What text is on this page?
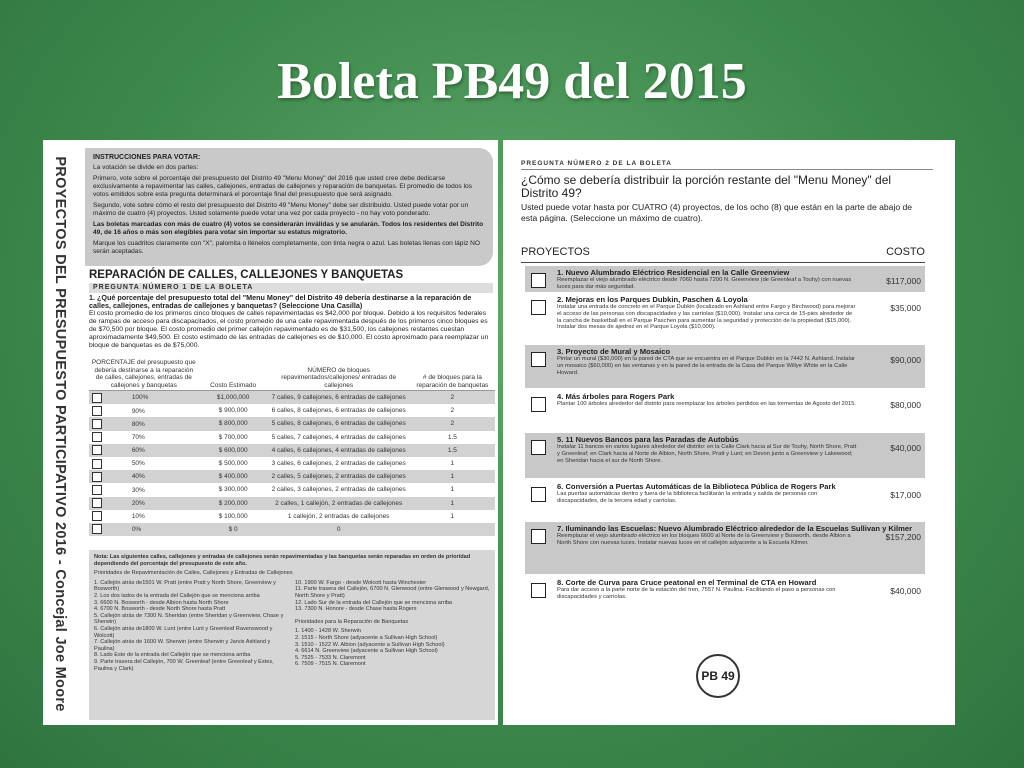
Boleta PB49 del 2015
PROYECTOS DEL PRESUPUESTO PARTICIPATIVO 2016 - Concejal Joe Moore	INSTRUCCIONES PARA VOTAR:

La votación se divide en dos partes:

Primero, vote sobre el porcentaje del presupuesto del Distrito 49 "Menu Money" del 2016 que usted cree debe dedicarse exclusivamente a repavimentar las calles, callejones, entradas de callejones y reparación de banquetas. El promedio de todos los votos emitidos sobre esta pregunta determinará el porcentaje final del presupuesto que será asignado.

Segundo, vote sobre cómo el resto del presupuesto del Distrito 49 "Menu Money" debe ser distribuido. Usted puede votar por un máximo de cuatro (4) proyectos. Usted solamente puede votar una vez por cada proyecto - no hay voto ponderado.

Las boletas marcadas con más de cuatro (4) votos se considerarán inválidas y se anularán. Todos los residentes del Distrito 49, de 16 años o más son elegibles para votar sin importar su estatus migratorio.

Marque los cuadritos claramente con "X", palomita o llénelos completamente, con tinta negra o azul. Las boletas llenas con lápiz NO serán aceptadas.

REPARACIÓN DE CALLES, CALLEJONES Y BANQUETAS
PREGUNTA NÚMERO 1 DE LA BOLETA
1. ¿Qué porcentaje del presupuesto total del "Menu Money" del Distrito 49 debería destinarse a la reparación de calles, callejones, entradas de callejones y banquetas? (Seleccione Una Casilla)
El costo promedio de los primeros cinco bloques de calles repavimentadas es $42,000 por bloque. Debido a los requisitos federales de rampas de acceso para discapacitados, el costo promedio de una calle repavimentada después de los primeros cinco bloques es de $70,500 por bloque. El costo promedio del primer callejón repavimentado es de $31,500, los callejones restantes cuestan aproximadamente $49,500. El costo estimado de las entradas de callejones es de $10,000. El costo aproximado para reemplazar un bloque de banquetas es de $75,000.
PORCENTAJE del presupuesto que debería destinarse a la reparación de calles, callejones, entradas de callejones y banquetas	Costo Estimado	NÚMERO de bloques repavimentados/callejones/ entradas de callejones	# de bloques para la reparación de banquetas
100%	$1,000,000	7 calles, 9 callejones, 6 entradas de callejones	2
90%	$ 900,000	6 calles, 8 callejones, 6 entradas de callejones	2
80%	$ 800,000	5 calles, 8 callejones, 6 entradas de callejones	2
70%	$ 700,000	5 calles, 7 callejones, 4 entradas de callejones	1.5
60%	$ 600,000	4 calles, 6 callejones, 4 entradas de callejones	1.5
50%	$ 500,000	3 calles, 6 callejones, 2 entradas de callejones	1
40%	$ 400,000	2 calles, 5 callejones, 2 entradas de callejones	1
30%	$ 300,000	2 calles, 3 callejones, 2 entradas de callejones	1
20%	$ 200,000	2 calles, 1 callejón, 2 entradas de callejones	1
10%	$ 100,000	1 callejón, 2 entradas de callejones	1
0%	$ 0	0	

Nota: Las siguientes calles, callejones y entradas de callejones serán repavimentadas y las banquetas serán reparadas en orden de prioridad dependiendo del porcentaje del presupuesto de este año.

Prioridades de Repavimentación de Calles, Callejones y Entradas de Callejones

1. Callejón atrás de1501 W. Pratt (entre Pratt y North Shore, Greenview y Bosworth)
2. Los dos lados de la entrada del Callejón que se menciona arriba
3. 6600 N. Bosworth - desde Albion hasta North Shore
4. 6700 N. Bosworth - desde North Shore hasta Pratt
5. Callejón atrás de 7300 N. Sheridan (entre Sheridan y Greenview, Chase y Sherwin)
6. Callejón atrás de1800 W. Lunt (entre Lunt y Greenleaf Ravenswood y Wolcott)
7. Callejón atrás de 1600 W. Sherwin (entre Sherwin y Jarvis Ashland y Paulina)
8. Lado Este de la entrada del Callejón que se menciona arriba
9. Parte trasera del Callejón, 700 W. Greenleaf (entre Greenleaf y Estes, Paulina y Clark)
10. 1900 W. Fargo - desde Wolcott hasta Winchester
11. Parte trasera del Callejón, 6700 N. Glenwood (entre Glenwood y Newgard, North Shore y Pratt)
12. Lado Sur de la entrada del Callejón que se menciona arriba
13. 7300 N. Honore - desde Chase hasta Rogers

Prioridades para la Reparación de Banquetas

1. 1400 - 1428 W. Sherwin
2. 1515 - North Shore (adyacente a Sullivan High School)
3. 1510 - 1522 W. Albion (adyacente a Sullivan High School)
4. 6614 N. Greenview (adyacente a Sullivan High School)
5. 7525 - 7533 N. Claremont
6. 7509 - 7515 N. Claremont
PREGUNTA NÚMERO 2 DE LA BOLETA
¿Cómo se debería distribuir la porción restante del "Menu Money" del Distrito 49?
Usted puede votar hasta por CUATRO (4) proyectos, de los ocho (8) que están en la parte de abajo de esta página. (Seleccione un máximo de cuatro).
PROYECTOS	COSTO
1. Nuevo Alumbrado Eléctrico Residencial en la Calle Greenview
Reemplazar el viejo alumbrado eléctrico desde 7060 hasta 7200 N. Greenview (de Greenleaf a Touhy) con nuevas luces para dar más seguridad.
$117,000
2. Mejoras en los Parques Dubkin, Paschen & Loyola
Instalar una entrada de concreto en el Parque Dubkin (localizado en Ashland entre Fargo y Birchwood) para mejorar el acceso de las personas con discapacidades y las carriolas ($10,000). Instalar una cerca de 15-pies alrededor de la cancha de basketball en el Parque Paschen para aumentar la seguridad y protección de la propiedad ($15,000). Instalar dos mesas de ajedrez en el Parque Loyola ($10,000).
$35,000
3. Proyecto de Mural y Mosaico
Pintar un mural ($30,000) en la pared de CTA que se encuentra en el Parque Dubkin en la 7442 N. Ashland. Instalar un mosaico ($60,000) en las ventanas y en la pared de la entrada de la Casa del Parque Willye White en la Calle Howard.
$90,000
4. Más árboles para Rogers Park
Plantar 100 árboles alrededor del distrito para reemplazar los árboles perdidos en las tormentas de Agosto del 2015.	$80,000
5. 11 Nuevos Bancos para las Paradas de Autobús
Instalar 11 bancos en varios lugares alrededor del distrito: en la Calle Clark hacia al Sur de Touhy, North Shore, Pratt y Greenleaf; en Clark hacia al Norte de Albion, North Shore, Pratt y Lunt; en Devon junto a Greenview y Lakewood; en Sheridan hacia el sur de North Shore.
$40,000
6. Conversión a Puertas Automáticas de la Biblioteca Pública de Rogers Park
Las puertas automáticas dentro y fuera de la biblioteca facilitarán la entrada y salida de personas con discapacidades, de la tercera edad y carriolas.
$17,000
7. Iluminando las Escuelas: Nuevo Alumbrado Eléctrico alrededor de la Escuelas Sullivan y Kilmer
Reemplazar el viejo alumbrado eléctrico en los bloques 6600 al Norte de la Greenview y Bosworth, desde Albion a North Shore con nuevas luces. Instalar nuevas luces en el callejón adyacente a la Escuela Kilmer.
$157,200
8. Corte de Curva para Cruce peatonal en el Terminal de CTA en Howard
Para dar acceso a la parte norte de la estación del tren, 7557 N. Paulina. Facilitando el paso a personas con discapacidades y carriolas.
$40,000
PB 49
